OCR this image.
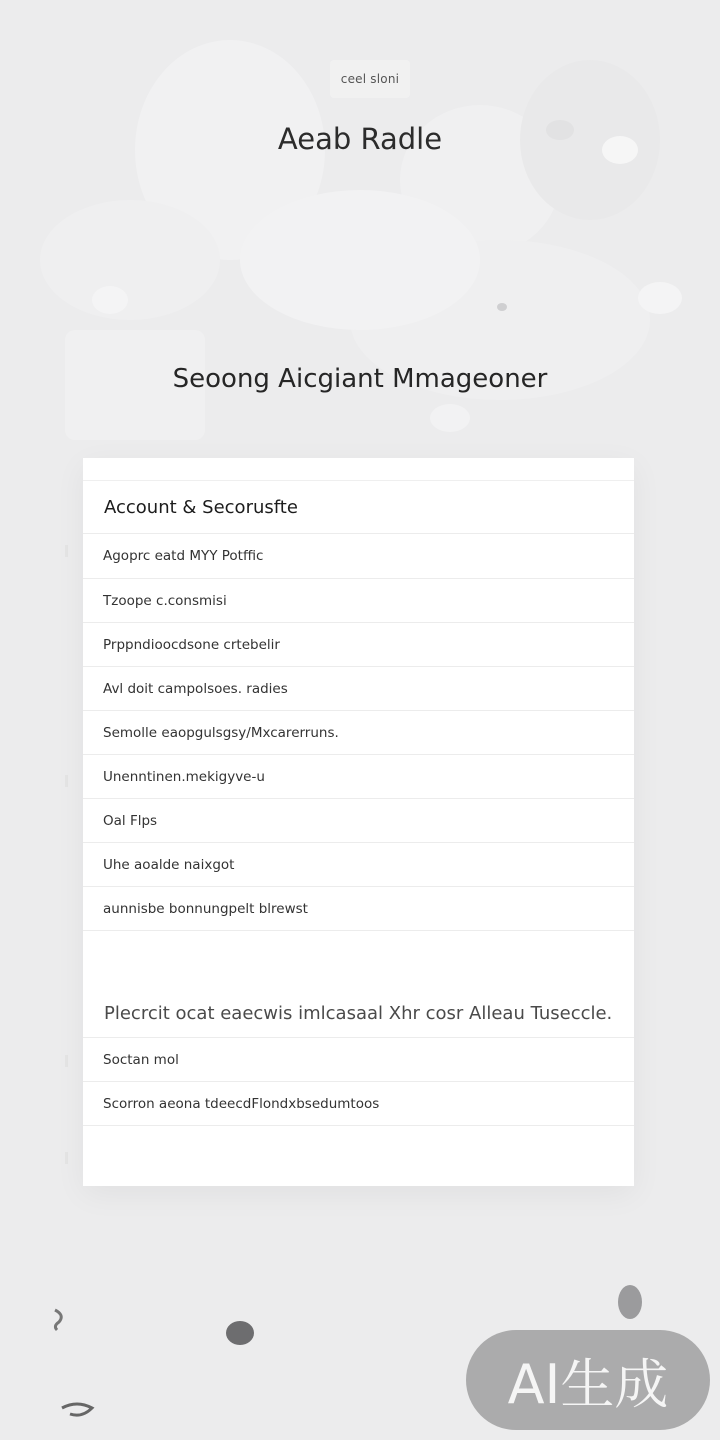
ceel sloni
Aeab Radle
Seoong Aicgiant Mmageoner
Account & Secorusfte
Agoprc eatd MYY Potffic
Tzoope c.consmisi
Prppndioocdsone crtebelir
Avl doit campolsoes. radies
Semolle eaopgulsgsy/Mxcarerruns.
Unenntinen.mekigyve-u
Oal Flps
Uhe aoalde naixgot
aunnisbe bonnungpelt blrewst
Plecrcit ocat eaecwis imlcasaal Xhr cosr Alleau Tuseccle.
Soctan mol
Scorron aeona tdeecdFlondxbsedumtoos
AI生成
